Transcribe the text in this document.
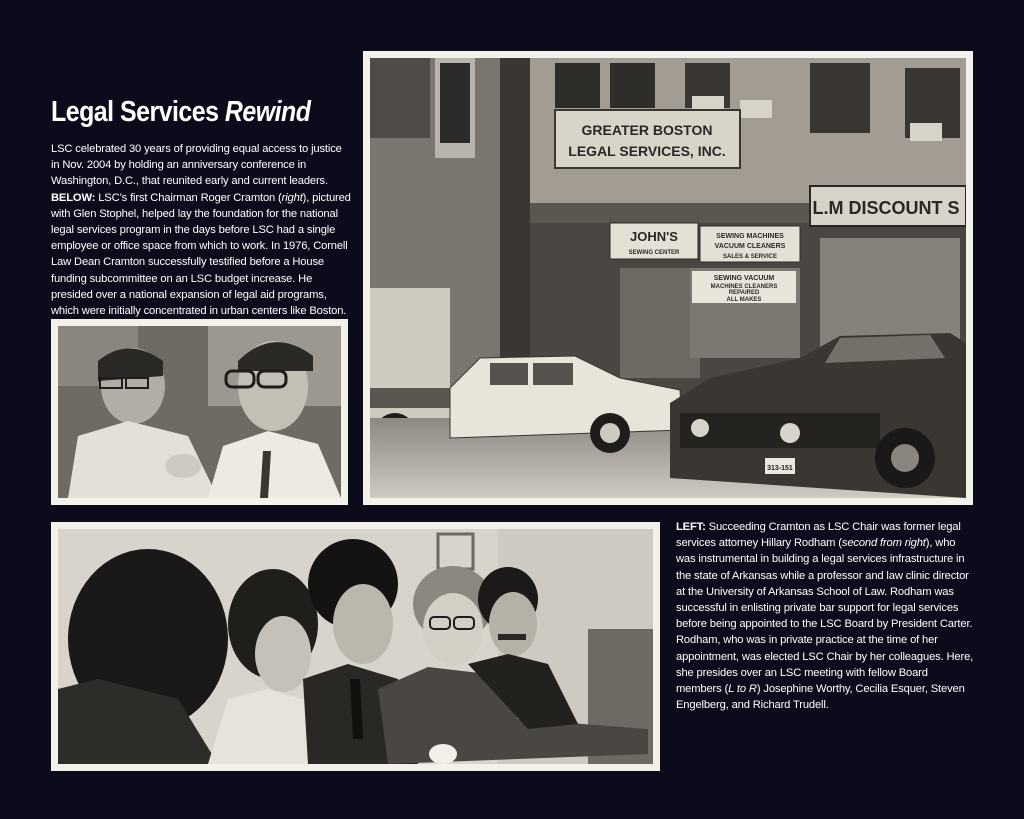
Legal Services Rewind
LSC celebrated 30 years of providing equal access to justice in Nov. 2004 by holding an anniversary conference in Washington, D.C., that reunited early and current leaders. BELOW: LSC’s first Chairman Roger Cramton (right), pictured with Glen Stophel, helped lay the foundation for the national legal services program in the days before LSC had a single employee or office space from which to work. In 1976, Cornell Law Dean Cramton successfully testified before a House funding subcommittee on an LSC budget increase. He presided over a national expansion of legal aid programs, which were initially concentrated in urban centers like Boston.
GREATER BOSTON
LEGAL SERVICES, INC.
JOHN'S
SEWING CENTER
SEWING MACHINES
VACUUM CLEANERS
SALES & SERVICE
SEWING VACUUM
MACHINES CLEANERS
REPAIRED
ALL MAKES
L.M DISCOUNT S
313-151
LEFT: Succeeding Cramton as LSC Chair was former legal services attorney Hillary Rodham (second from right), who was instrumental in building a legal services infrastructure in the state of Arkansas while a professor and law clinic director at the University of Arkansas School of Law. Rodham was successful in enlisting private bar support for legal services before being appointed to the LSC Board by President Carter. Rodham, who was in private practice at the time of her appointment, was elected LSC Chair by her colleagues. Here, she presides over an LSC meeting with fellow Board members (L to R) Josephine Worthy, Cecilia Esquer, Steven Engelberg, and Richard Trudell.
